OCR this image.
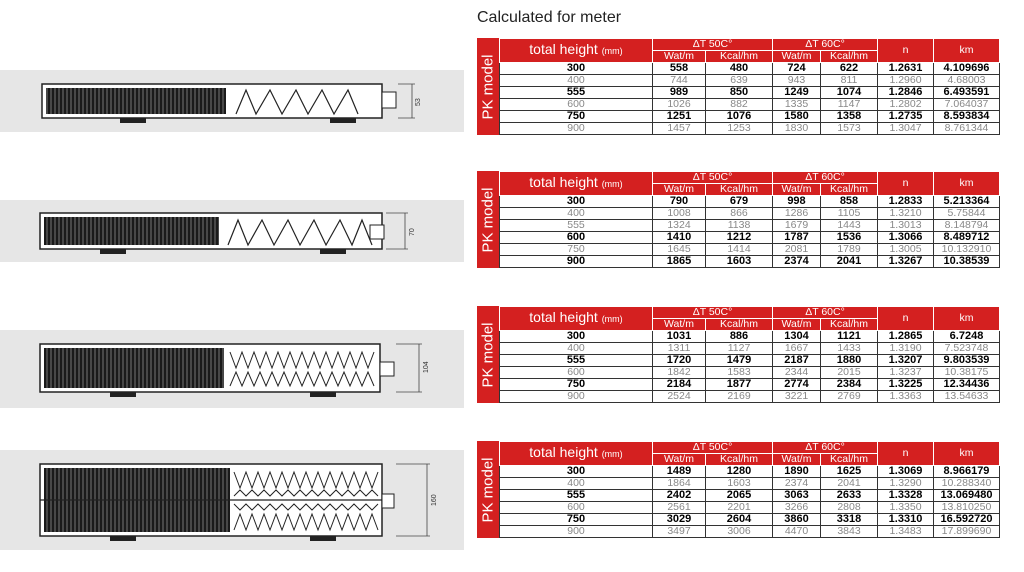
Calculated for meter
53
70
104
160
PK model
total height (mm)	ΔT 50C°		ΔT 60C°		n	km
	Wat/m	Kcal/hm	Wat/m	Kcal/hm		
300	558	480	724	622	1.2631	4.109696
400	744	639	943	811	1.2960	4.68003
555	989	850	1249	1074	1.2846	6.493591
600	1026	882	1335	1147	1.2802	7.064037
750	1251	1076	1580	1358	1.2735	8.593834
900	1457	1253	1830	1573	1.3047	8.761344
PK model
total height (mm)	ΔT 50C°		ΔT 60C°		n	km
	Wat/m	Kcal/hm	Wat/m	Kcal/hm		
300	790	679	998	858	1.2833	5.213364
400	1008	866	1286	1105	1.3210	5.75844
555	1324	1138	1679	1443	1.3013	8.148794
600	1410	1212	1787	1536	1.3066	8.489712
750	1645	1414	2081	1789	1.3005	10.132910
900	1865	1603	2374	2041	1.3267	10.38539
PK model
total height (mm)	ΔT 50C°		ΔT 60C°		n	km
	Wat/m	Kcal/hm	Wat/m	Kcal/hm		
300	1031	886	1304	1121	1.2865	6.7248
400	1311	1127	1667	1433	1.3190	7.523748
555	1720	1479	2187	1880	1.3207	9.803539
600	1842	1583	2344	2015	1.3237	10.38175
750	2184	1877	2774	2384	1.3225	12.34436
900	2524	2169	3221	2769	1.3363	13.54633
PK model
total height (mm)	ΔT 50C°		ΔT 60C°		n	km
	Wat/m	Kcal/hm	Wat/m	Kcal/hm		
300	1489	1280	1890	1625	1.3069	8.966179
400	1864	1603	2374	2041	1.3290	10.288340
555	2402	2065	3063	2633	1.3328	13.069480
600	2561	2201	3266	2808	1.3350	13.810250
750	3029	2604	3860	3318	1.3310	16.592720
900	3497	3006	4470	3843	1.3483	17.899690
